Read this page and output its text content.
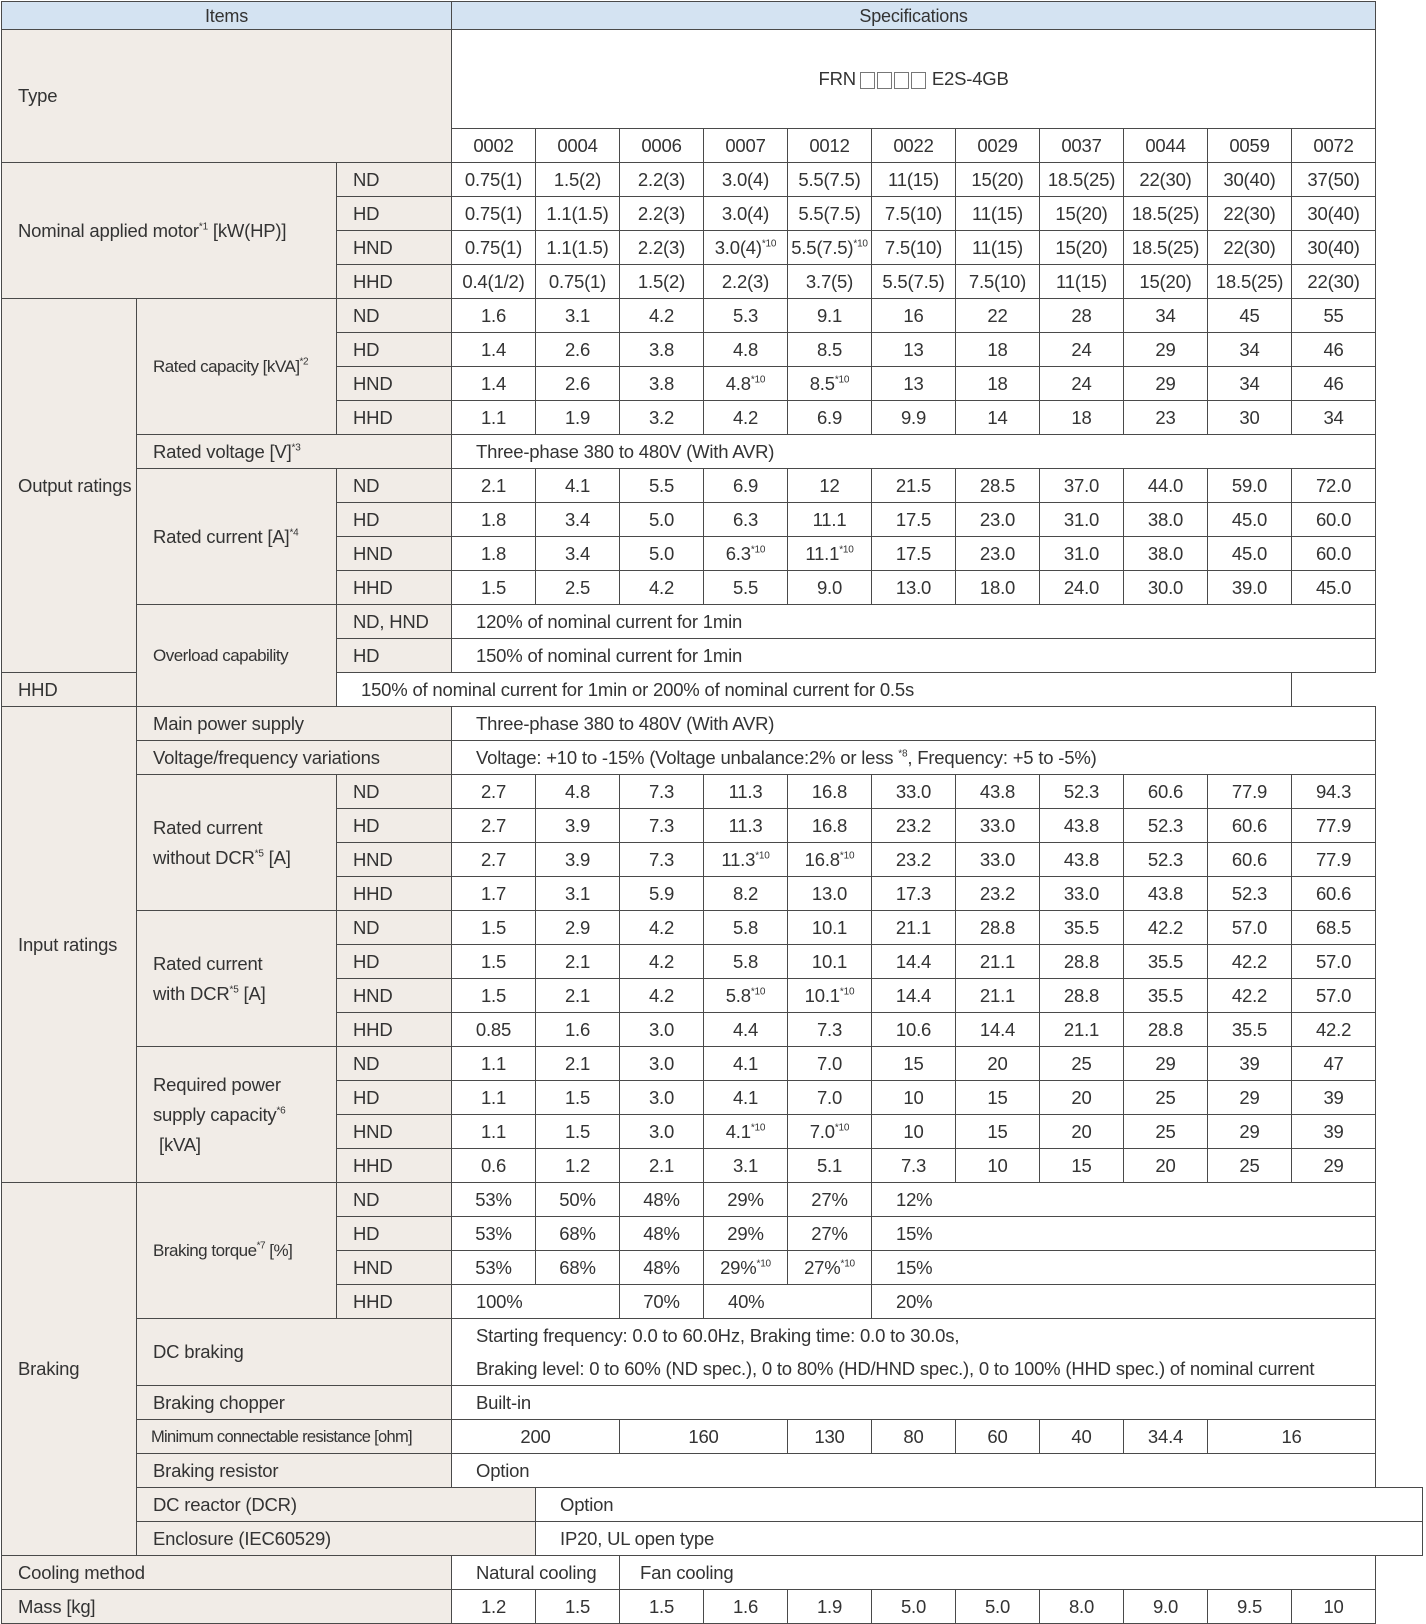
Items			Specifications										
Type			FRN E2S-4GB										

			0002	0004	0006	0007	0012	0022	0029	0037	0044	0059	0072
Nominal applied motor$^{*1}$ [kW(HP)]		ND	0.75(1)	1.5(2)	2.2(3)	3.0(4)	5.5(7.5)	11(15)	15(20)	18.5(25)	22(30)	30(40)	37(50)
		HD	0.75(1)	1.1(1.5)	2.2(3)	3.0(4)	5.5(7.5)	7.5(10)	11(15)	15(20)	18.5(25)	22(30)	30(40)
		HND	0.75(1)	1.1(1.5)	2.2(3)	$3.0(4)^{*10}$	$5.5(7.5)^{*10}$	7.5(10)	11(15)	15(20)	18.5(25)	22(30)	30(40)
		HHD	0.4(1/2)	0.75(1)	1.5(2)	2.2(3)	3.7(5)	5.5(7.5)	7.5(10)	11(15)	15(20)	18.5(25)	22(30)
Output ratings	Rated capacity [kVA]$^{*2}$	ND	1.6	3.1	4.2	5.3	9.1	16	22	28	34	45	55
		HD	1.4	2.6	3.8	4.8	8.5	13	18	24	29	34	46
		HND	1.4	2.6	3.8	4.8$^{*10}$	8.5$^{*10}$	13	18	24	29	34	46
		HHD	1.1	1.9	3.2	4.2	6.9	9.9	14	18	23	30	34
	Rated voltage $[V]^{*3}$		Three-phase 380 to 480V (With AVR)										
	Rated current $[A]^{*4}$	ND	2.1	4.1	5.5	6.9	12	21.5	28.5	37.0	44.0	59.0	72.0
		HD	1.8	3.4	5.0	6.3	11.1	17.5	23.0	31.0	38.0	45.0	60.0
		HND	1.8	3.4	5.0	6.3$^{*10}$	11.1$^{*10}$	17.5	23.0	31.0	38.0	45.0	60.0
		HHD	1.5	2.5	4.2	5.5	9.0	13.0	18.0	24.0	30.0	39.0	45.0
	Overload capability	ND, HND	120% of nominal current for 1min										
		HD	150% of nominal current for 1min										
HHD		150% of nominal current for 1min or 200% of nominal current for 0.5s											
Input ratings	Main power supply		Three-phase 380 to 480V (With AVR)										
	Voltage/frequency variations		Voltage: +10 to -15% (Voltage unbalance:2% or less $^{*8}$, Frequency: +5 to -5%)										
	Rated current
without DCR$^{*5}$ [A]	ND	2.7	4.8	7.3	11.3	16.8	33.0	43.8	52.3	60.6	77.9	94.3
		HD	2.7	3.9	7.3	11.3	16.8	23.2	33.0	43.8	52.3	60.6	77.9
		HND	2.7	3.9	7.3	11.3$^{*10}$	16.8$^{*10}$	23.2	33.0	43.8	52.3	60.6	77.9
		HHD	1.7	3.1	5.9	8.2	13.0	17.3	23.2	33.0	43.8	52.3	60.6
	Rated current
with DCR$^{*5}$ [A]	ND	1.5	2.9	4.2	5.8	10.1	21.1	28.8	35.5	42.2	57.0	68.5
		HD	1.5	2.1	4.2	5.8	10.1	14.4	21.1	28.8	35.5	42.2	57.0
		HND	1.5	2.1	4.2	5.8$^{*10}$	10.1$^{*10}$	14.4	21.1	28.8	35.5	42.2	57.0
		HHD	0.85	1.6	3.0	4.4	7.3	10.6	14.4	21.1	28.8	35.5	42.2
	Required power
supply capacity$^{*6}$
[kVA]	ND	1.1	2.1	3.0	4.1	7.0	15	20	25	29	39	47
		HD	1.1	1.5	3.0	4.1	7.0	10	15	20	25	29	39
		HND	1.1	1.5	3.0	4.1$^{*10}$	7.0$^{*10}$	10	15	20	25	29	39
		HHD	0.6	1.2	2.1	3.1	5.1	7.3	10	15	20	25	29
Braking	Braking torque$^{*7}$ [%]	ND	53%	50%	48%	29%	27%	12%					
		HD	53%	68%	48%	29%	27%	15%					
		HND	53%	68%	48%	29%$^{*10}$	27%$^{*10}$	15%					
		HHD	100%		70%	40%		20%					
	DC braking		Starting frequency: 0.0 to 60.0Hz, Braking time: 0.0 to 30.0s,
Braking level: 0 to 60% (ND spec.), 0 to 80% (HD/HND spec.), 0 to 100% (HHD spec.) of nominal current										
	Braking chopper		Built-in										
	Minimum connectable resistance [ohm]		200		160		130	80	60	40	34.4	16	
	Braking resistor		Option										
	DC reactor (DCR)			Option									
	Enclosure (IEC60529)			IP20, UL open type									
Cooling method			Natural cooling		Fan cooling								
Mass [kg]			1.2	1.5	1.5	1.6	1.9	5.0	5.0	8.0	9.0	9.5	10
